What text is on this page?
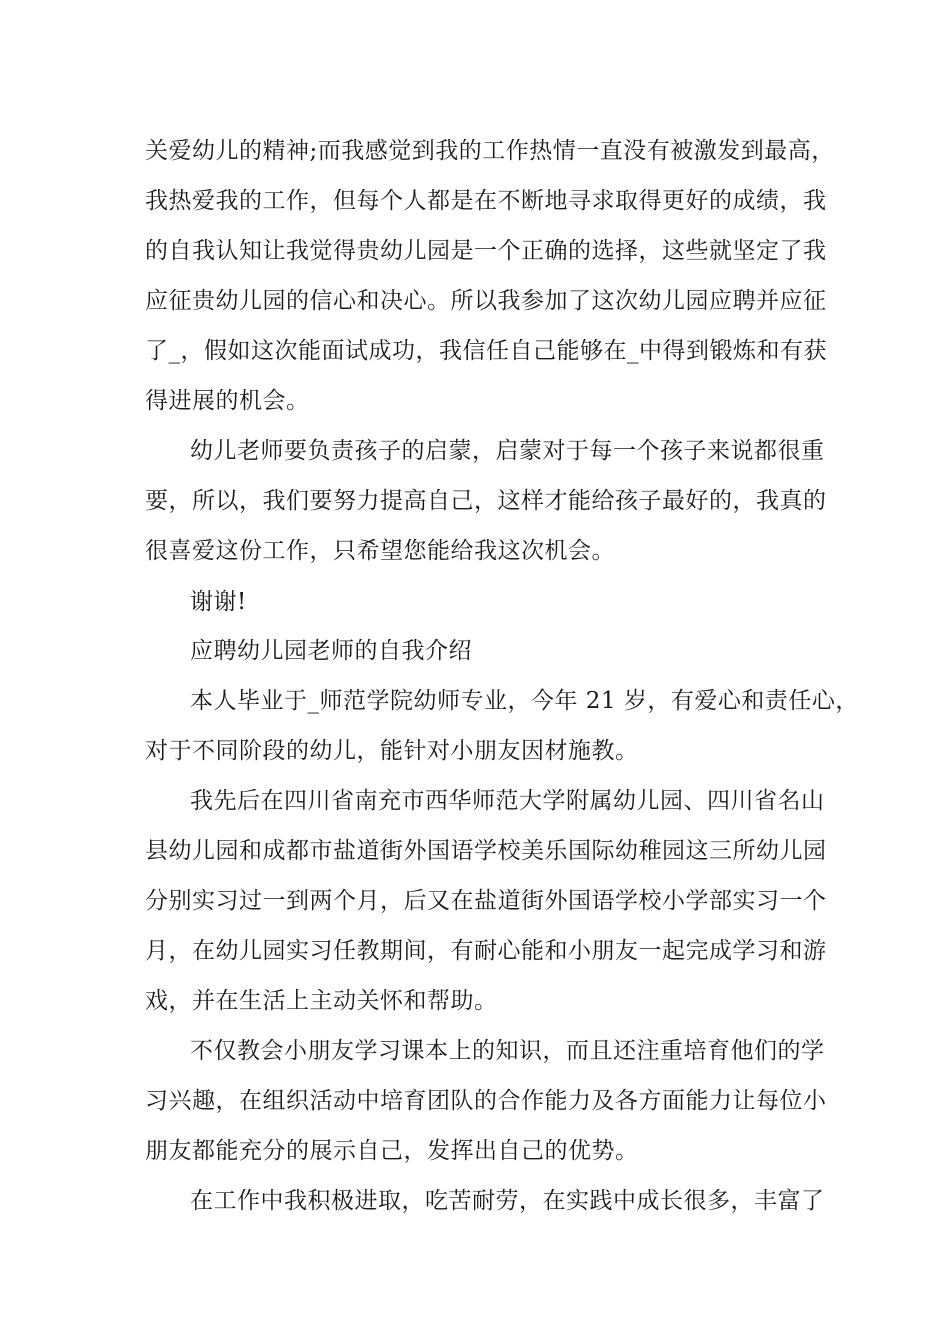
关爱幼儿的精神;而我感觉到我的工作热情一直没有被激发到最高，
我热爱我的工作，但每个人都是在不断地寻求取得更好的成绩，我
的自我认知让我觉得贵幼儿园是一个正确的选择，这些就坚定了我
应征贵幼儿园的信心和决心。所以我参加了这次幼儿园应聘并应征
了_，假如这次能面试成功，我信任自己能够在_中得到锻炼和有获
得进展的机会。
幼儿老师要负责孩子的启蒙，启蒙对于每一个孩子来说都很重
要，所以，我们要努力提高自己，这样才能给孩子最好的，我真的
很喜爱这份工作，只希望您能给我这次机会。
谢谢!
应聘幼儿园老师的自我介绍
本人毕业于_师范学院幼师专业，今年 21 岁，有爱心和责任心，
对于不同阶段的幼儿，能针对小朋友因材施教。
我先后在四川省南充市西华师范大学附属幼儿园、四川省名山
县幼儿园和成都市盐道街外国语学校美乐国际幼稚园这三所幼儿园
分别实习过一到两个月，后又在盐道街外国语学校小学部实习一个
月，在幼儿园实习任教期间，有耐心能和小朋友一起完成学习和游
戏，并在生活上主动关怀和帮助。
不仅教会小朋友学习课本上的知识，而且还注重培育他们的学
习兴趣，在组织活动中培育团队的合作能力及各方面能力让每位小
朋友都能充分的展示自己，发挥出自己的优势。
在工作中我积极进取，吃苦耐劳，在实践中成长很多，丰富了
